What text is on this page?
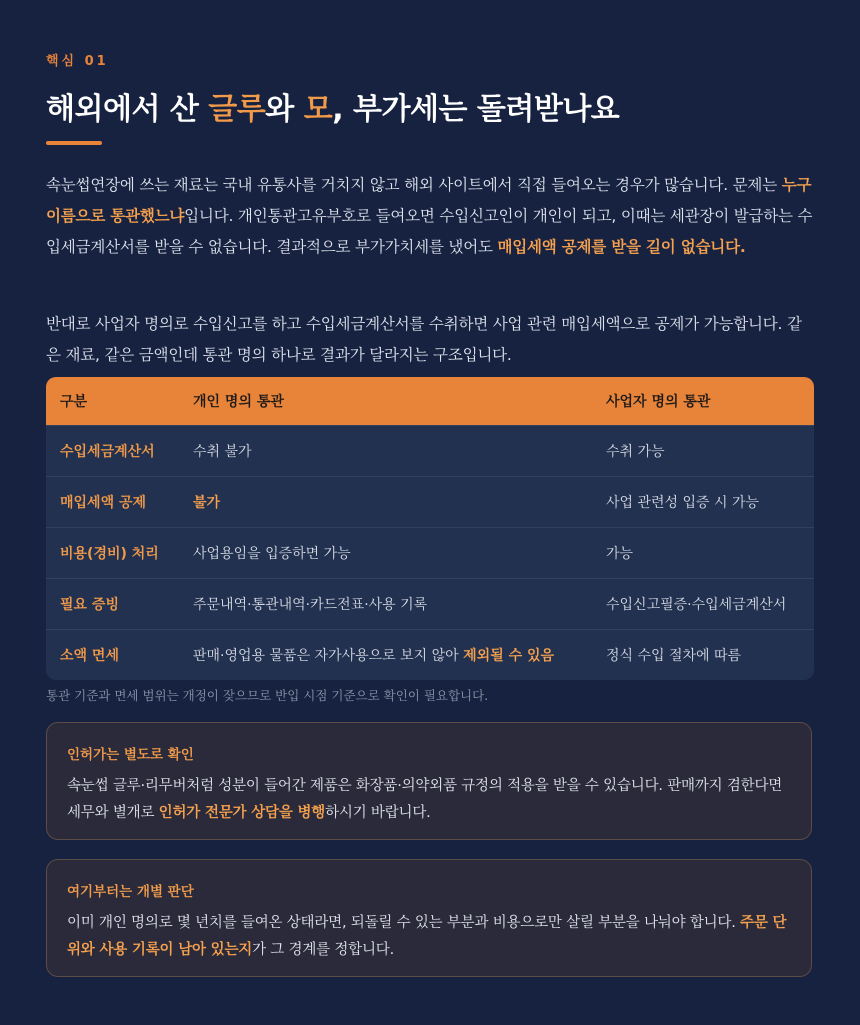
핵심 01
해외에서 산 글루와 모, 부가세는 돌려받나요

속눈썹연장에 쓰는 재료는 국내 유통사를 거치지 않고 해외 사이트에서 직접 들여오는 경우가 많습니다. 문제는 누구 이름으로 통관했느냐입니다. 개인통관고유부호로 들여오면 수입신고인이 개인이 되고, 이때는 세관장이 발급하는 수입세금계산서를 받을 수 없습니다. 결과적으로 부가가치세를 냈어도 매입세액 공제를 받을 길이 없습니다.

반대로 사업자 명의로 수입신고를 하고 수입세금계산서를 수취하면 사업 관련 매입세액으로 공제가 가능합니다. 같은 재료, 같은 금액인데 통관 명의 하나로 결과가 달라지는 구조입니다.

구분	개인 명의 통관	사업자 명의 통관
수입세금계산서	수취 불가	수취 가능
매입세액 공제	불가	사업 관련성 입증 시 가능
비용(경비) 처리	사업용임을 입증하면 가능	가능
필요 증빙	주문내역·통관내역·카드전표·사용 기록	수입신고필증·수입세금계산서
소액 면세	판매·영업용 물품은 자가사용으로 보지 않아 제외될 수 있음	정식 수입 절차에 따름
통관 기준과 면세 범위는 개정이 잦으므로 반입 시점 기준으로 확인이 필요합니다.
인허가는 별도로 확인
속눈썹 글루·리무버처럼 성분이 들어간 제품은 화장품·의약외품 규정의 적용을 받을 수 있습니다. 판매까지 겸한다면 세무와 별개로 인허가 전문가 상담을 병행하시기 바랍니다.
여기부터는 개별 판단
이미 개인 명의로 몇 년치를 들여온 상태라면, 되돌릴 수 있는 부분과 비용으로만 살릴 부분을 나눠야 합니다. 주문 단위와 사용 기록이 남아 있는지가 그 경계를 정합니다.
